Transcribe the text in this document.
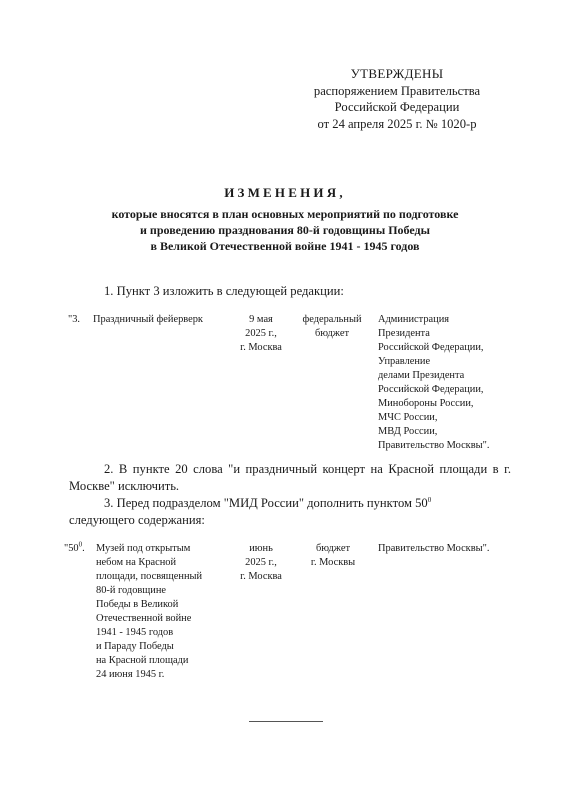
УТВЕРЖДЕНЫ
распоряжением Правительства
Российской Федерации
от 24 апреля 2025 г. № 1020-р
ИЗМЕНЕНИЯ,
которые вносятся в план основных мероприятий по подготовке
и проведению празднования 80-й годовщины Победы
в Великой Отечественной войне 1941 - 1945 годов
1. Пункт 3 изложить в следующей редакции:
"3. Праздничный фейерверк	9 мая
2025 г.,
г. Москва
федеральный
бюджет
Администрация
Президента
Российской Федерации,
Управление
делами Президента
Российской Федерации,
Минобороны России,
МЧС России,
МВД России,
Правительство Москвы".
2. В пункте 20 слова "и праздничный концерт на Красной площади в г. Москве" исключить.
3. Перед подразделом "МИД России" дополнить пунктом $50^0$
следующего содержания:
"$50^0$. Музей под открытым
небом на Красной
площади, посвященный
80-й годовщине
Победы в Великой
Отечественной войне
1941 - 1945 годов
и Параду Победы
на Красной площади
24 июня 1945 г.
июнь
2025 г.,
г. Москва
бюджет
г. Москвы
Правительство Москвы".
